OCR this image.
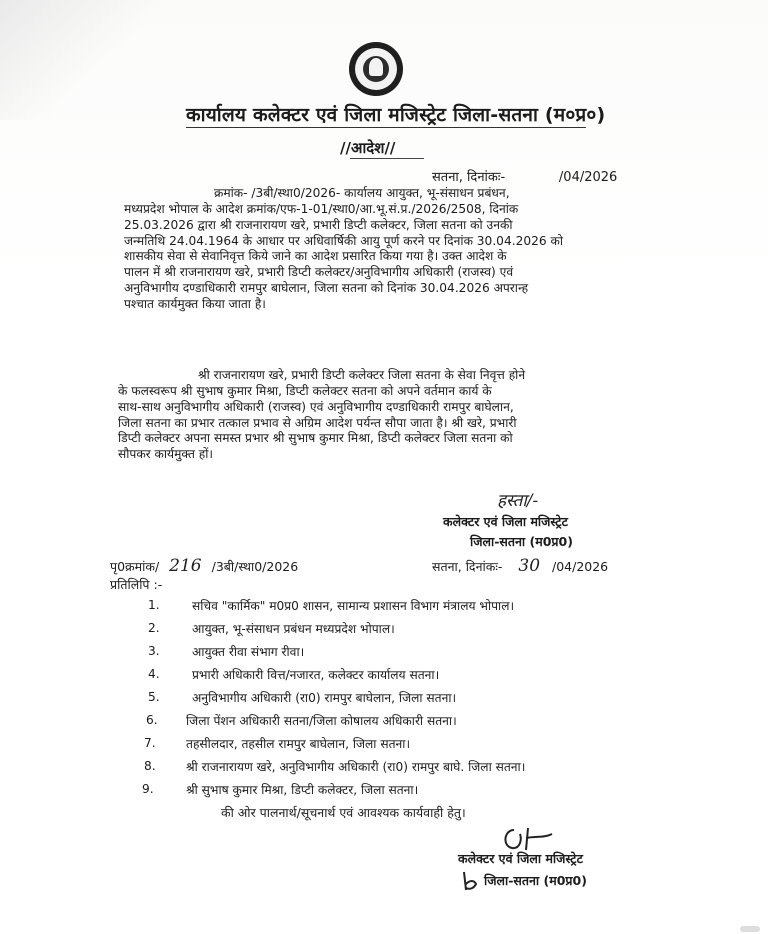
कार्यालय कलेक्टर एवं जिला मजिस्ट्रेट जिला-सतना (म०प्र०)
//आदेश//
सतना, दिनांकः-             /04/2026
क्रमांक- /3बी/स्था0/2026- कार्यालय आयुक्त, भू-संसाधन प्रबंधन,
मध्यप्रदेश भोपाल के आदेश क्रमांक/एफ-1-01/स्था0/आ.भू.सं.प्र./2026/2508, दिनांक
25.03.2026 द्वारा श्री राजनारायण खरे, प्रभारी डिप्टी कलेक्टर, जिला सतना को उनकी
जन्मतिथि 24.04.1964 के आधार पर अधिवार्षिकी आयु पूर्ण करने पर दिनांक 30.04.2026 को
शासकीय सेवा से सेवानिवृत्त किये जाने का आदेश प्रसारित किया गया है। उक्त आदेश के
पालन में श्री राजनारायण खरे, प्रभारी डिप्टी कलेक्टर/अनुविभागीय अधिकारी (राजस्व) एवं
अनुविभागीय दण्डाधिकारी रामपुर बाघेलान, जिला सतना को दिनांक 30.04.2026 अपरान्ह
पश्चात कार्यमुक्त किया जाता है।
श्री राजनारायण खरे, प्रभारी डिप्टी कलेक्टर जिला सतना के सेवा निवृत्त होने
के फलस्वरूप श्री सुभाष कुमार मिश्रा, डिप्टी कलेक्टर सतना को अपने वर्तमान कार्य के
साथ-साथ अनुविभागीय अधिकारी (राजस्व) एवं अनुविभागीय दण्डाधिकारी रामपुर बाघेलान,
जिला सतना का प्रभार तत्काल प्रभाव से अग्रिम आदेश पर्यन्त सौपा जाता है। श्री खरे, प्रभारी
डिप्टी कलेक्टर अपना समस्त प्रभार श्री सुभाष कुमार मिश्रा, डिप्टी कलेक्टर जिला सतना को
सौपकर कार्यमुक्त हों।
हस्ता/-
कलेक्टर एवं जिला मजिस्ट्रेट
जिला-सतना (म0प्र0)
पृ0क्रमांक/ 216 /3बी/स्था0/2026	सतना, दिनांकः- 30 /04/2026
प्रतिलिपि :-
1.	सचिव "कार्मिक" म0प्र0 शासन, सामान्य प्रशासन विभाग मंत्रालय भोपाल।
2.	आयुक्त, भू-संसाधन प्रबंधन मध्यप्रदेश भोपाल।
3.	आयुक्त रीवा संभाग रीवा।
4.	प्रभारी अधिकारी वित्त/नजारत, कलेक्टर कार्यालय सतना।
5.	अनुविभागीय अधिकारी (रा0) रामपुर बाघेलान, जिला सतना।
6. जिला पेंशन अधिकारी सतना/जिला कोषालय अधिकारी सतना।
7. तहसीलदार, तहसील रामपुर बाघेलान, जिला सतना।
8. श्री राजनारायण खरे, अनुविभागीय अधिकारी (रा0) रामपुर बाघे. जिला सतना।
9.	श्री सुभाष कुमार मिश्रा, डिप्टी कलेक्टर, जिला सतना।
की ओर पालनार्थ/सूचनार्थ एवं आवश्यक कार्यवाही हेतु।
कलेक्टर एवं जिला मजिस्ट्रेट
जिला-सतना (म0प्र0)
